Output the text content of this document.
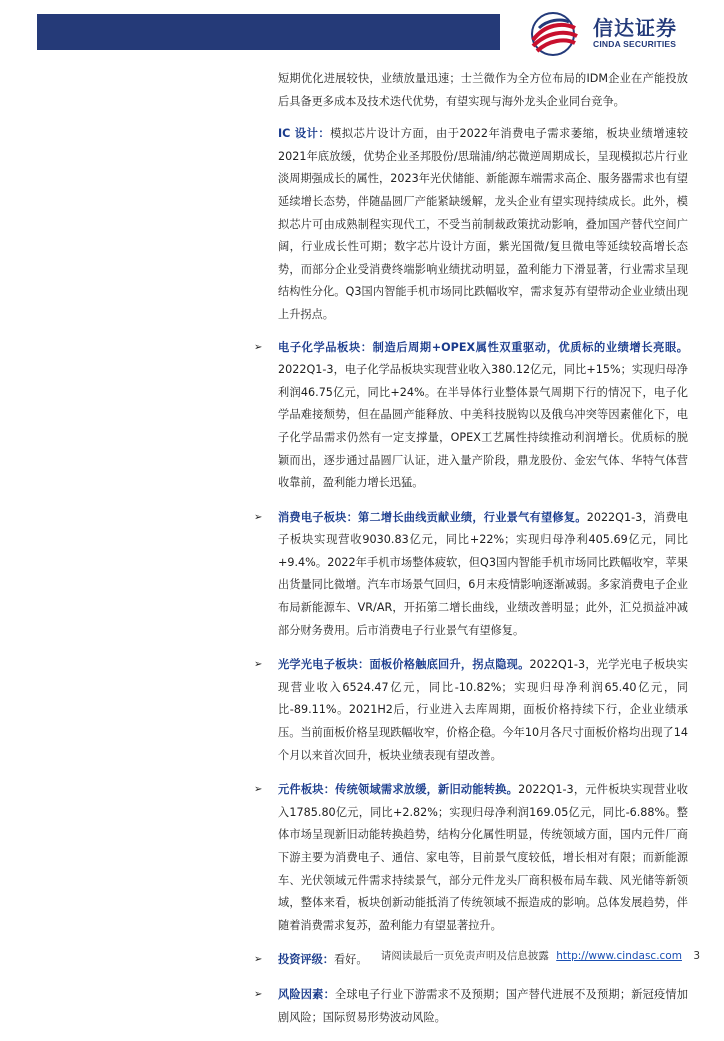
信达证券
CINDA SECURITIES

短期优化进展较快，业绩放量迅速；士兰微作为全方位布局的IDM企业在产能投放后具备更多成本及技术迭代优势，有望实现与海外龙头企业同台竞争。

IC 设计：模拟芯片设计方面，由于2022年消费电子需求萎缩，板块业绩增速较2021年底放缓，优势企业圣邦股份/思瑞浦/纳芯微逆周期成长，呈现模拟芯片行业淡周期强成长的属性，2023年光伏储能、新能源车端需求高企、服务器需求也有望延续增长态势，伴随晶圆厂产能紧缺缓解，龙头企业有望实现持续成长。此外，模拟芯片可由成熟制程实现代工，不受当前制裁政策扰动影响，叠加国产替代空间广阔，行业成长性可期；数字芯片设计方面，紫光国微/复旦微电等延续较高增长态势，而部分企业受消费终端影响业绩扰动明显，盈利能力下滑显著，行业需求呈现结构性分化。Q3国内智能手机市场同比跌幅收窄，需求复苏有望带动企业业绩出现上升拐点。

➢ 电子化学品板块：制造后周期+OPEX属性双重驱动，优质标的业绩增长亮眼。2022Q1-3，电子化学品板块实现营业收入380.12亿元，同比+15%；实现归母净利润46.75亿元，同比+24%。在半导体行业整体景气周期下行的情况下，电子化学品难接颓势，但在晶圆产能释放、中美科技脱钩以及俄乌冲突等因素催化下，电子化学品需求仍然有一定支撑量，OPEX工艺属性持续推动利润增长。优质标的脱颖而出，逐步通过晶圆厂认证，进入量产阶段，鼎龙股份、金宏气体、华特气体营收靠前，盈利能力增长迅猛。

➢ 消费电子板块：第二增长曲线贡献业绩，行业景气有望修复。2022Q1-3，消费电子板块实现营收9030.83亿元，同比+22%；实现归母净利405.69亿元，同比+9.4%。2022年手机市场整体疲软，但Q3国内智能手机市场同比跌幅收窄，苹果出货量同比微增。汽车市场景气回归，6月末疫情影响逐渐减弱。多家消费电子企业布局新能源车、VR/AR，开拓第二增长曲线，业绩改善明显；此外，汇兑损益冲减部分财务费用。后市消费电子行业景气有望修复。

➢ 光学光电子板块：面板价格触底回升，拐点隐现。2022Q1-3，光学光电子板块实现营业收入6524.47亿元，同比-10.82%；实现归母净利润65.40亿元，同比-89.11%。2021H2后，行业进入去库周期，面板价格持续下行，企业业绩承压。当前面板价格呈现跌幅收窄，价格企稳。今年10月各尺寸面板价格均出现了14个月以来首次回升，板块业绩表现有望改善。

➢ 元件板块：传统领域需求放缓，新旧动能转换。2022Q1-3，元件板块实现营业收入1785.80亿元，同比+2.82%；实现归母净利润169.05亿元，同比-6.88%。整体市场呈现新旧动能转换趋势，结构分化属性明显，传统领域方面，国内元件厂商下游主要为消费电子、通信、家电等，目前景气度较低，增长相对有限；而新能源车、光伏领域元件需求持续景气，部分元件龙头厂商积极布局车载、风光储等新领域，整体来看，板块创新动能抵消了传统领域不振造成的影响。总体发展趋势，伴随着消费需求复苏，盈利能力有望显著拉升。

➢ 投资评级：看好。

➢ 风险因素：全球电子行业下游需求不及预期；国产替代进展不及预期；新冠疫情加剧风险；国际贸易形势波动风险。

请阅读最后一页免责声明及信息披露 http://www.cindasc.com 3
